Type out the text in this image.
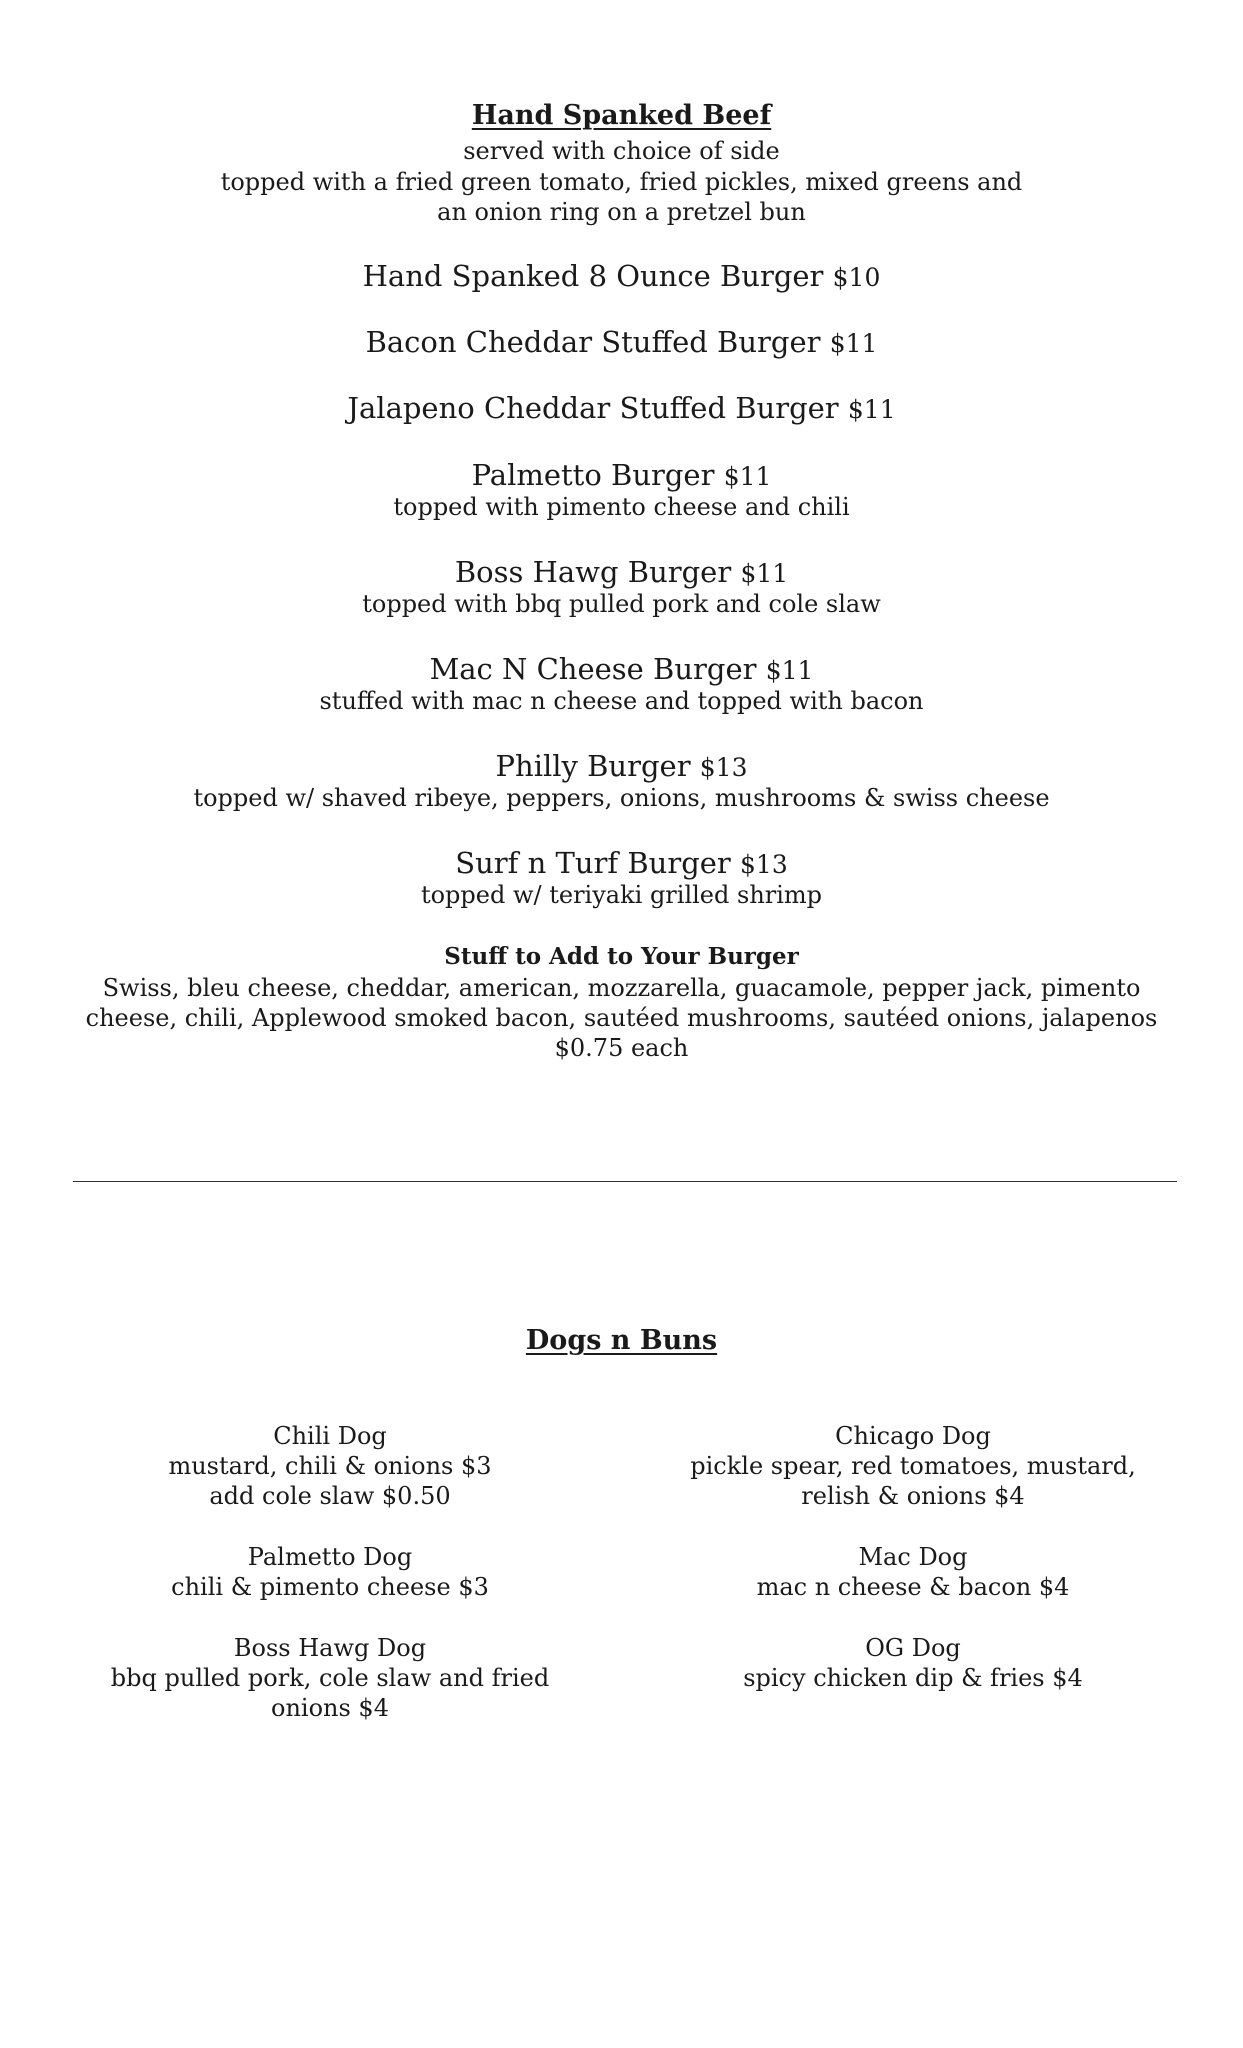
Hand Spanked Beef
served with choice of side
topped with a fried green tomato, fried pickles, mixed greens and
an onion ring on a pretzel bun
Hand Spanked 8 Ounce Burger $10
Bacon Cheddar Stuffed Burger $11
Jalapeno Cheddar Stuffed Burger $11
Palmetto Burger $11
topped with pimento cheese and chili
Boss Hawg Burger $11
topped with bbq pulled pork and cole slaw
Mac N Cheese Burger $11
stuffed with mac n cheese and topped with bacon
Philly Burger $13
topped w/ shaved ribeye, peppers, onions, mushrooms & swiss cheese
Surf n Turf Burger $13
topped w/ teriyaki grilled shrimp
Stuff to Add to Your Burger
Swiss, bleu cheese, cheddar, american, mozzarella, guacamole, pepper jack, pimento
cheese, chili, Applewood smoked bacon, sautéed mushrooms, sautéed onions, jalapenos
$0.75 each
Dogs n Buns
Chili Dog
mustard, chili & onions $3
add cole slaw $0.50
Palmetto Dog
chili & pimento cheese $3
Boss Hawg Dog
bbq pulled pork, cole slaw and fried
onions $4
Chicago Dog
pickle spear, red tomatoes, mustard,
relish & onions $4
Mac Dog
mac n cheese & bacon $4
OG Dog
spicy chicken dip & fries $4
